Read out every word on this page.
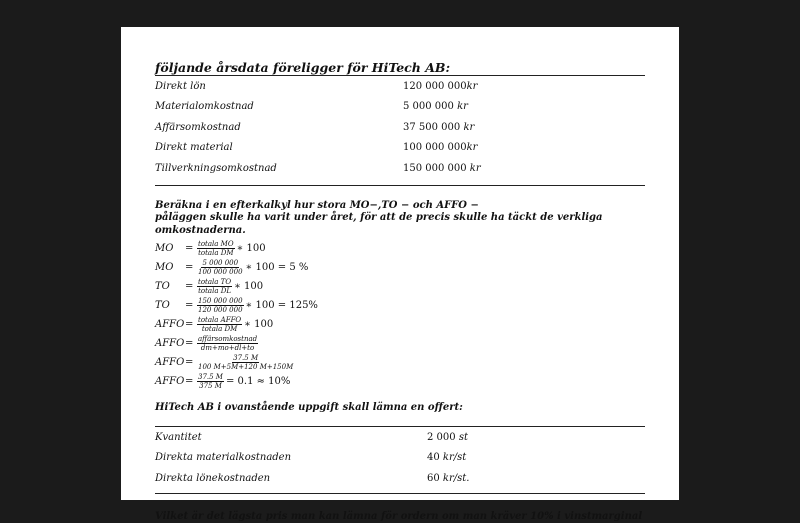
följande årsdata föreligger för HiTech AB:

Direkt lön	120 000 000kr
Materialomkostnad	5 000 000 kr
Affärsomkostnad	37 500 000 kr
Direkt material	100 000 000kr
Tillverkningsomkostnad	150 000 000 kr

Beräkna i en efterkalkyl hur stora MO−,TO − och AFFO −

påläggen skulle ha varit under året, för att de precis skulle ha täckt de verkliga omkostnaderna.

MO	= $\frac{\text{totala MO}}{\text{totala DM}}$ ∗ 100
MO	= $\frac{5 000 000}{100 000 000}$ ∗ 100 = 5 %
TO	= $\frac{\text{totala TO}}{\text{totala DL}}$ ∗ 100
TO	= $\frac{150 000 000}{120 000 000}$ ∗ 100 = 125%
AFFO = $\frac{\text{totala AFFO}}{\text{totala DM}}$ ∗ 100
AFFO = $\frac{\text{affärsomkostnad}}{dm+mo+dl+to}$
AFFO = $\frac{37.5 M}{100 M+5M+120 M+150M}$
AFFO = $\frac{37.5 M}{375 M} = 0.1 \approx 10\%$

HiTech AB i ovanstående uppgift skall lämna en offert:

Kvantitet	2 000 st
Direkta materialkostnaden	40 kr/st
Direkta lönekostnaden	60 kr/st.

Vilket är det lägsta pris man kan lämna för ordern om man kräver 10% i vinstmarginal
